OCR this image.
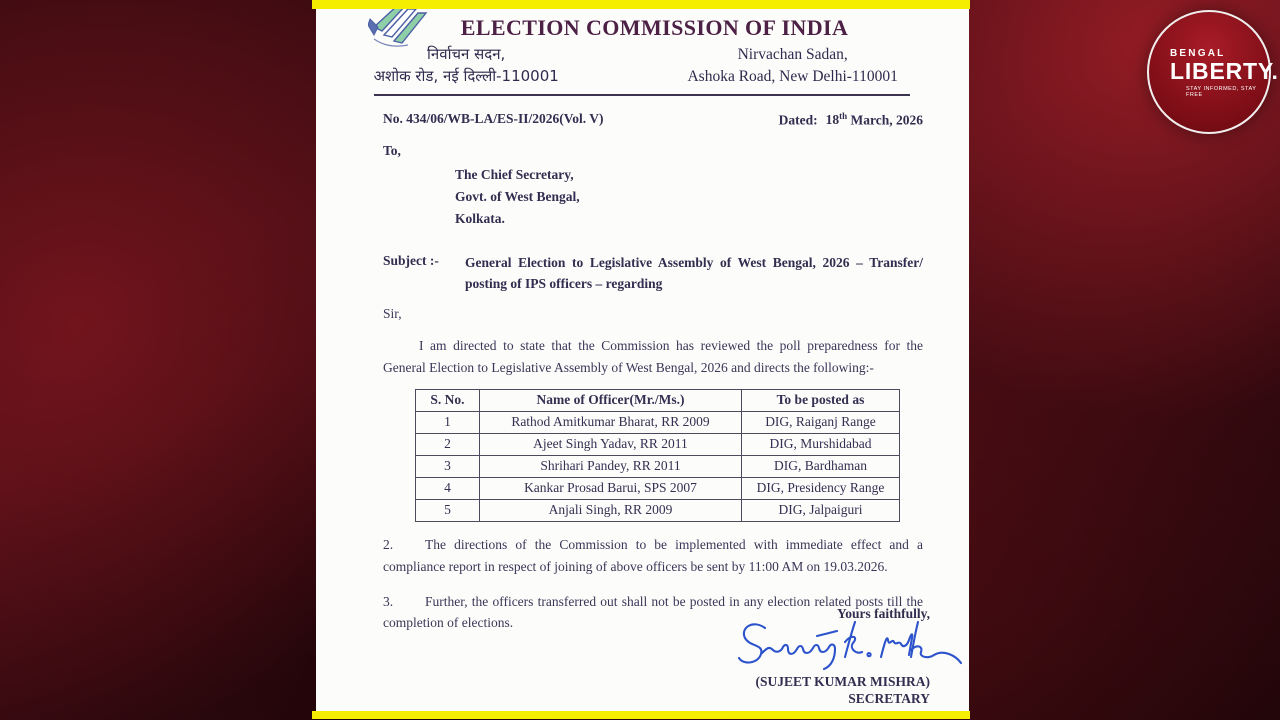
ELECTION COMMISSION OF INDIA
निर्वाचन सदन,
अशोक रोड, नई दिल्ली-110001
Nirvachan Sadan,
Ashoka Road, New Delhi-110001
No. 434/06/WB-LA/ES-II/2026(Vol. V)	Dated: 18th March, 2026
To,
The Chief Secretary,
Govt. of West Bengal,
Kolkata.
Subject :-	General Election to Legislative Assembly of West Bengal, 2026 – Transfer/ posting of IPS officers – regarding
Sir,

I am directed to state that the Commission has reviewed the poll preparedness for the General Election to Legislative Assembly of West Bengal, 2026 and directs the following:-

S. No.	Name of Officer(Mr./Ms.)	To be posted as
1	Rathod Amitkumar Bharat, RR 2009	DIG, Raiganj Range
2	Ajeet Singh Yadav, RR 2011	DIG, Murshidabad
3	Shrihari Pandey, RR 2011	DIG, Bardhaman
4	Kankar Prosad Barui, SPS 2007	DIG, Presidency Range
5	Anjali Singh, RR 2009	DIG, Jalpaiguri

2. The directions of the Commission to be implemented with immediate effect and a compliance report in respect of joining of above officers be sent by 11:00 AM on 19.03.2026.

3. Further, the officers transferred out shall not be posted in any election related posts till the completion of elections.

Yours faithfully,
(SUJEET KUMAR MISHRA)
SECRETARY
BENGAL
LIBERTY.
STAY INFORMED, STAY FREE
